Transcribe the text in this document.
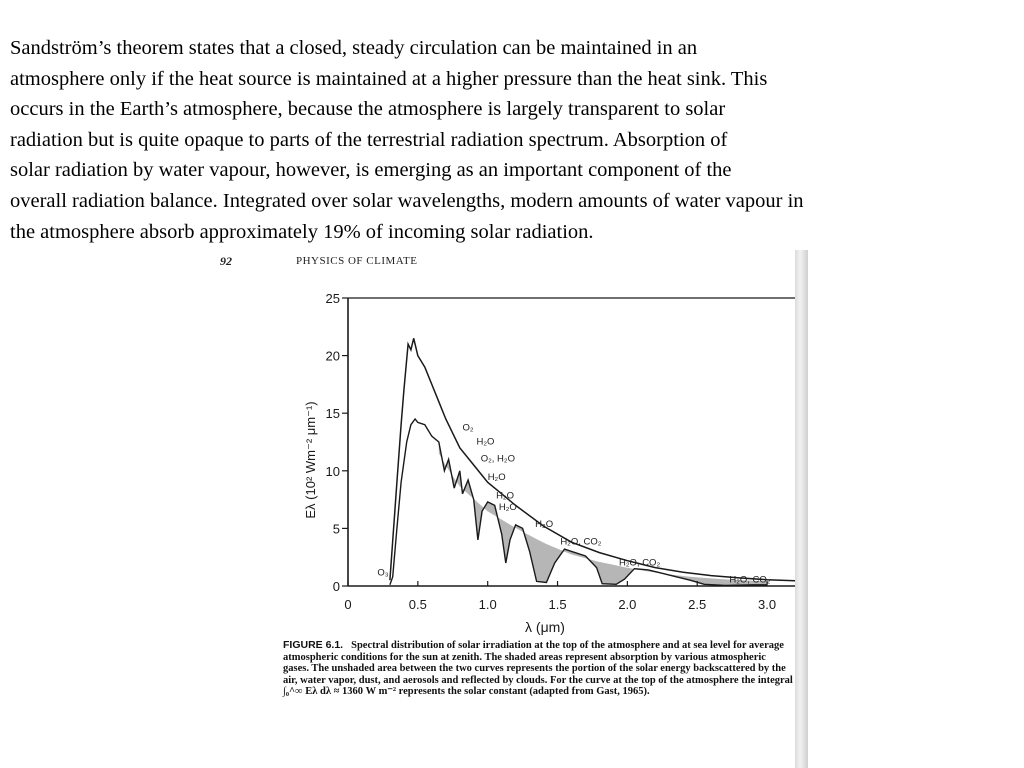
Sandström’s theorem states that a closed, steady circulation can be maintained in an
atmosphere only if the heat source is maintained at a higher pressure than the heat sink. This
occurs in the Earth’s atmosphere, because the atmosphere is largely transparent to solar
radiation but is quite opaque to parts of the terrestrial radiation spectrum. Absorption of
solar radiation by water vapour, however, is emerging as an important component of the
overall radiation balance. Integrated over solar wavelengths, modern amounts of water vapour in
the atmosphere absorb approximately 19% of incoming solar radiation.

92	PHYSICS OF CLIMATE
0	0.5	1.0	1.5	2.0	2.5	3.0
0
5
10
15
20
25
O₃
O₂
H₂O
O₂, H₂O
H₂O
H₂O
H₂O
H₂O
H₂O, CO₂
H₂O, CO₂
H₂O, CO₂
Eλ (10² Wm⁻² μm⁻¹)
λ (μm)

FIGURE 6.1. Spectral distribution of solar irradiation at the top of the atmosphere and at sea level for average atmospheric conditions for the sun at zenith. The shaded areas represent absorption by various atmospheric gases. The unshaded area between the two curves represents the portion of the solar energy backscattered by the air, water vapor, dust, and aerosols and reflected by clouds. For the curve at the top of the atmosphere the integral ∫₀^∞ Eλ dλ ≈ 1360 W m⁻² represents the solar constant (adapted from Gast, 1965).
